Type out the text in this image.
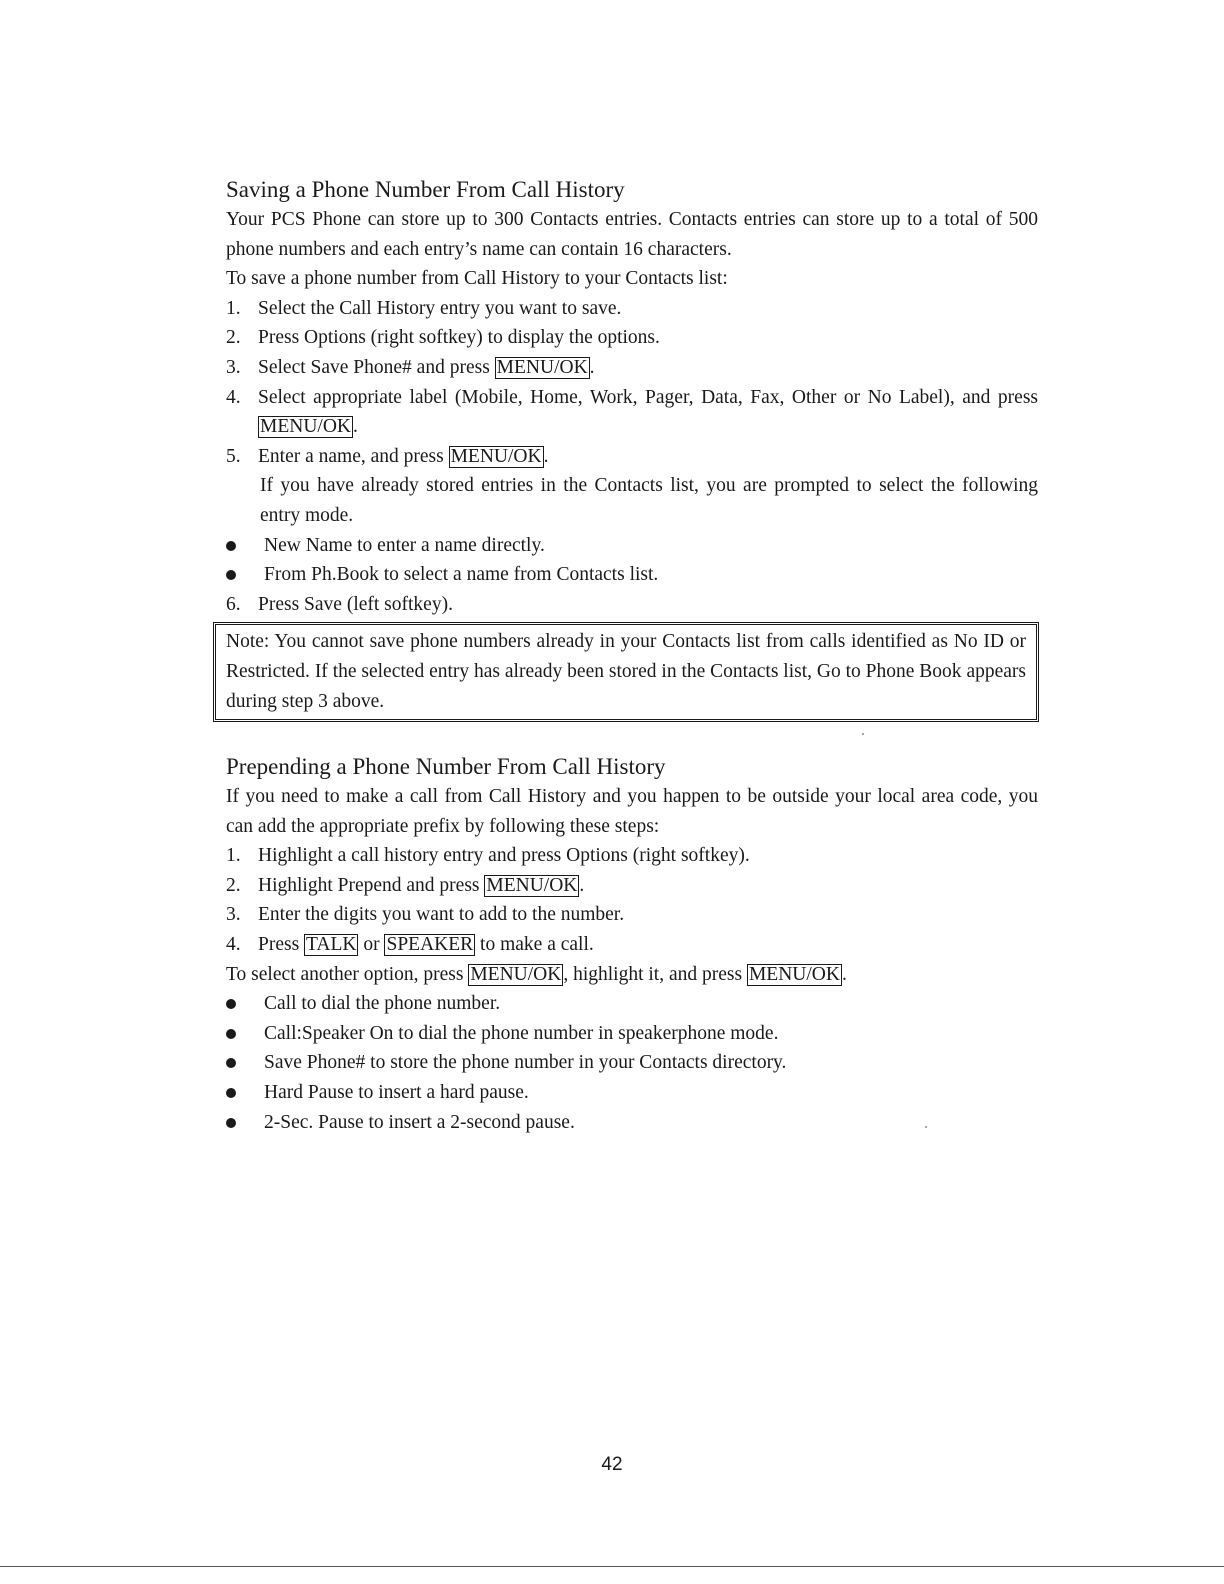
Saving a Phone Number From Call History

Your PCS Phone can store up to 300 Contacts entries. Contacts entries can store up to a total of 500 phone numbers and each entry’s name can contain 16 characters.

To save a phone number from Call History to your Contacts list:

1. Select the Call History entry you want to save.
2. Press Options (right softkey) to display the options.
3. Select Save Phone# and press MENU/OK .
4. Select appropriate label (Mobile, Home, Work, Pager, Data, Fax, Other or No Label), and press MENU/OK .
5. Enter a name, and press MENU/OK .

If you have already stored entries in the Contacts list, you are prompted to select the following entry mode.

New Name to enter a name directly.
From Ph.Book to select a name from Contacts list.
6. Press Save (left softkey).

Note: You cannot save phone numbers already in your Contacts list from calls identified as No ID or Restricted. If the selected entry has already been stored in the Contacts list, Go to Phone Book appears during step 3 above.

Prepending a Phone Number From Call History

If you need to make a call from Call History and you happen to be outside your local area code, you can add the appropriate prefix by following these steps:

1. Highlight a call history entry and press Options (right softkey).
2. Highlight Prepend and press MENU/OK .
3. Enter the digits you want to add to the number.
4. Press TALK or SPEAKER to make a call.

To select another option, press MENU/OK , highlight it, and press MENU/OK .

Call to dial the phone number.
Call:Speaker On to dial the phone number in speakerphone mode.
Save Phone# to store the phone number in your Contacts directory.
Hard Pause to insert a hard pause.
2-Sec. Pause to insert a 2-second pause.
42
